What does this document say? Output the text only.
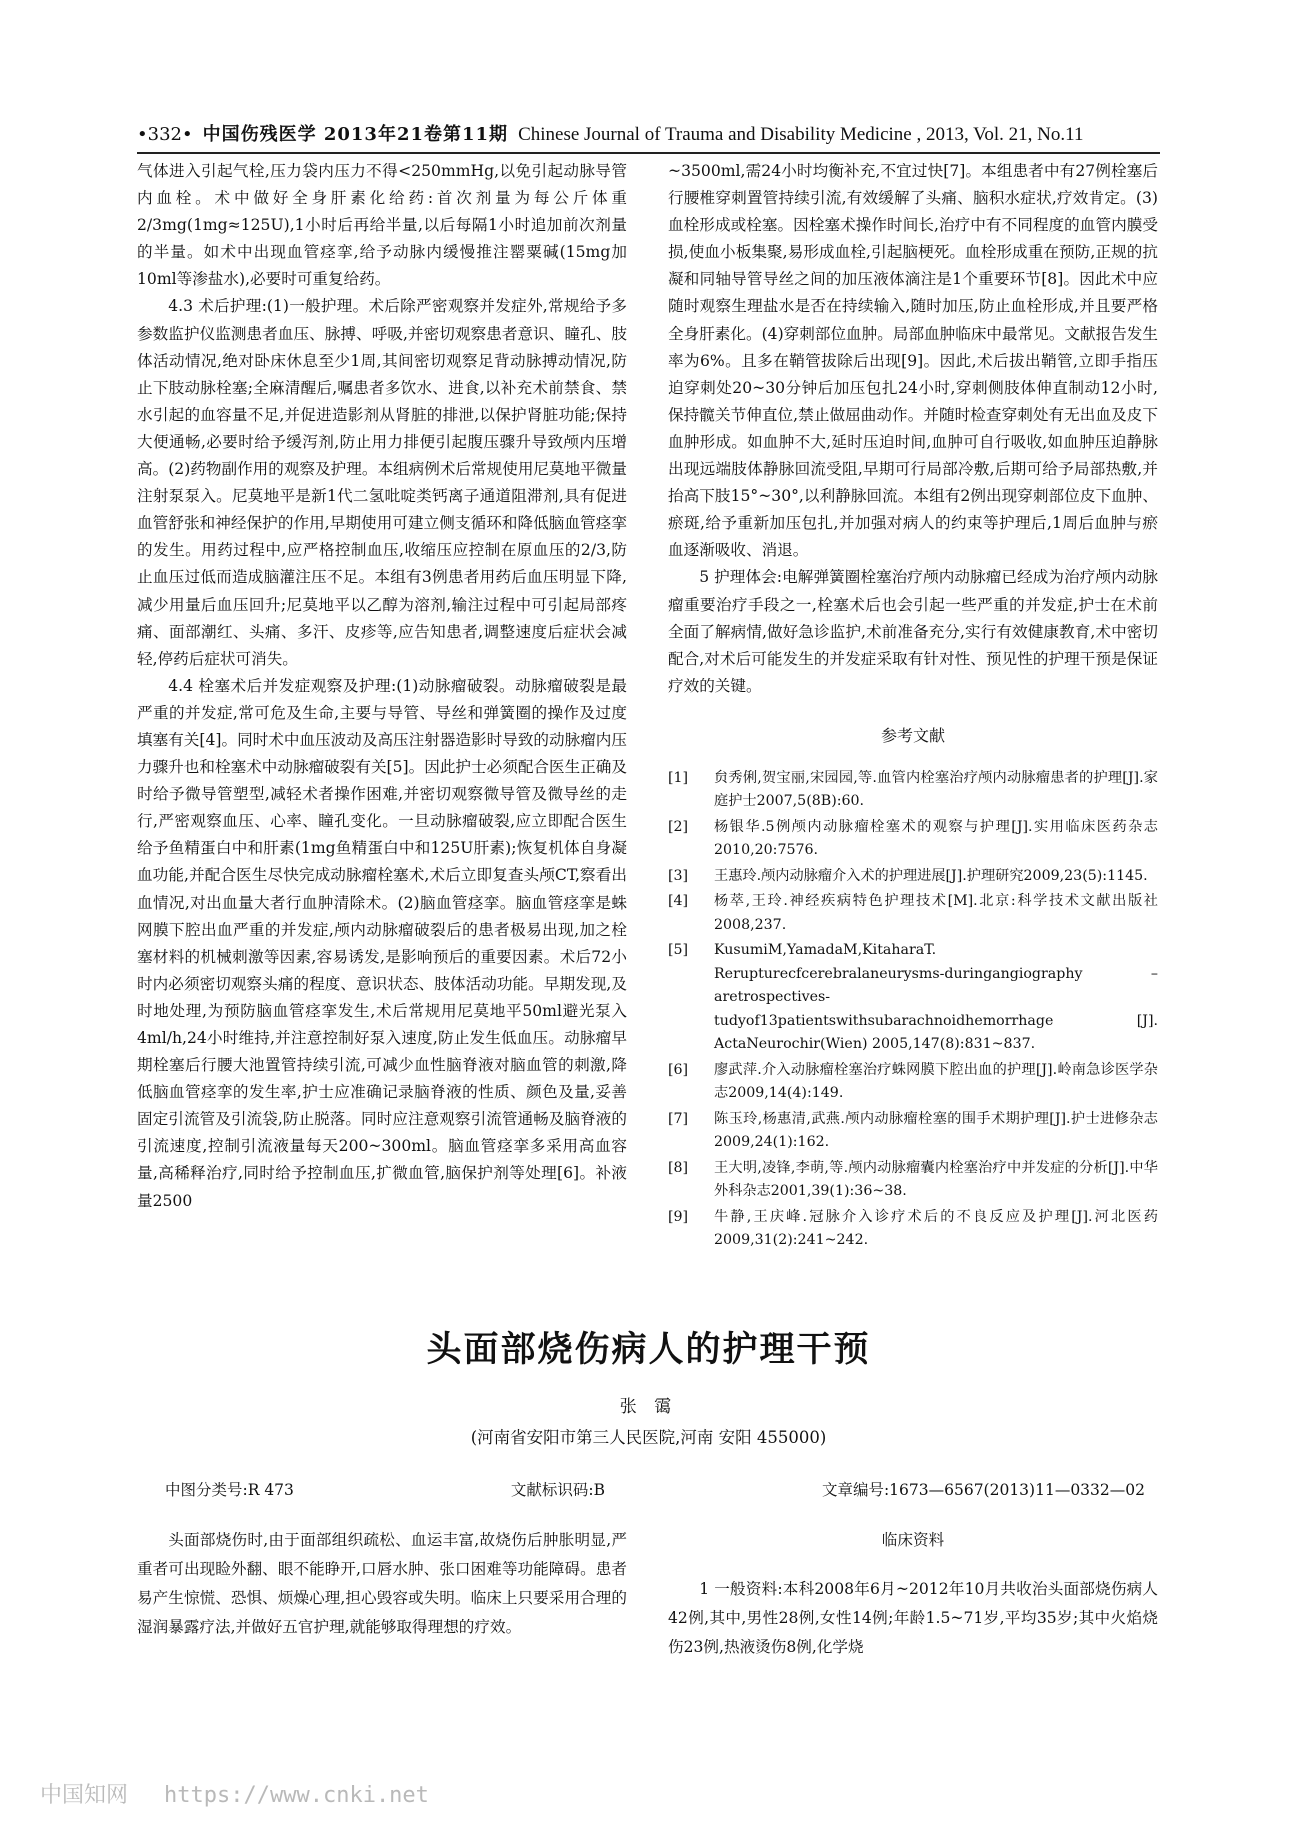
•332• 中国伤残医学 2013年21卷第11期 Chinese Journal of Trauma and Disability Medicine , 2013, Vol. 21, No.11

气体进入引起气栓,压力袋内压力不得<250mmHg,以免引起动脉导管内血栓。术中做好全身肝素化给药:首次剂量为每公斤体重2/3mg(1mg≈125U),1小时后再给半量,以后每隔1小时追加前次剂量的半量。如术中出现血管痉挛,给予动脉内缓慢推注罂粟碱(15mg加10ml等渗盐水),必要时可重复给药。

4.3 术后护理:(1)一般护理。术后除严密观察并发症外,常规给予多参数监护仪监测患者血压、脉搏、呼吸,并密切观察患者意识、瞳孔、肢体活动情况,绝对卧床休息至少1周,其间密切观察足背动脉搏动情况,防止下肢动脉栓塞;全麻清醒后,嘱患者多饮水、进食,以补充术前禁食、禁水引起的血容量不足,并促进造影剂从肾脏的排泄,以保护肾脏功能;保持大便通畅,必要时给予缓泻剂,防止用力排便引起腹压骤升导致颅内压增高。(2)药物副作用的观察及护理。本组病例术后常规使用尼莫地平微量注射泵泵入。尼莫地平是新1代二氢吡啶类钙离子通道阻滞剂,具有促进血管舒张和神经保护的作用,早期使用可建立侧支循环和降低脑血管痉挛的发生。用药过程中,应严格控制血压,收缩压应控制在原血压的2/3,防止血压过低而造成脑灌注压不足。本组有3例患者用药后血压明显下降,减少用量后血压回升;尼莫地平以乙醇为溶剂,输注过程中可引起局部疼痛、面部潮红、头痛、多汗、皮疹等,应告知患者,调整速度后症状会减轻,停药后症状可消失。

4.4 栓塞术后并发症观察及护理:(1)动脉瘤破裂。动脉瘤破裂是最严重的并发症,常可危及生命,主要与导管、导丝和弹簧圈的操作及过度填塞有关[4]。同时术中血压波动及高压注射器造影时导致的动脉瘤内压力骤升也和栓塞术中动脉瘤破裂有关[5]。因此护士必须配合医生正确及时给予微导管塑型,减轻术者操作困难,并密切观察微导管及微导丝的走行,严密观察血压、心率、瞳孔变化。一旦动脉瘤破裂,应立即配合医生给予鱼精蛋白中和肝素(1mg鱼精蛋白中和125U肝素);恢复机体自身凝血功能,并配合医生尽快完成动脉瘤栓塞术,术后立即复查头颅CT,察看出血情况,对出血量大者行血肿清除术。(2)脑血管痉挛。脑血管痉挛是蛛网膜下腔出血严重的并发症,颅内动脉瘤破裂后的患者极易出现,加之栓塞材料的机械刺激等因素,容易诱发,是影响预后的重要因素。术后72小时内必须密切观察头痛的程度、意识状态、肢体活动功能。早期发现,及时地处理,为预防脑血管痉挛发生,术后常规用尼莫地平50ml避光泵入4ml/h,24小时维持,并注意控制好泵入速度,防止发生低血压。动脉瘤早期栓塞后行腰大池置管持续引流,可减少血性脑脊液对脑血管的刺激,降低脑血管痉挛的发生率,护士应准确记录脑脊液的性质、颜色及量,妥善固定引流管及引流袋,防止脱落。同时应注意观察引流管通畅及脑脊液的引流速度,控制引流液量每天200~300ml。脑血管痉挛多采用高血容量,高稀释治疗,同时给予控制血压,扩微血管,脑保护剂等处理[6]。补液量2500

~3500ml,需24小时均衡补充,不宜过快[7]。本组患者中有27例栓塞后行腰椎穿刺置管持续引流,有效缓解了头痛、脑积水症状,疗效肯定。(3)血栓形成或栓塞。因栓塞术操作时间长,治疗中有不同程度的血管内膜受损,使血小板集聚,易形成血栓,引起脑梗死。血栓形成重在预防,正规的抗凝和同轴导管导丝之间的加压液体滴注是1个重要环节[8]。因此术中应随时观察生理盐水是否在持续输入,随时加压,防止血栓形成,并且要严格全身肝素化。(4)穿刺部位血肿。局部血肿临床中最常见。文献报告发生率为6%。且多在鞘管拔除后出现[9]。因此,术后拔出鞘管,立即手指压迫穿刺处20~30分钟后加压包扎24小时,穿刺侧肢体伸直制动12小时,保持髋关节伸直位,禁止做屈曲动作。并随时检查穿刺处有无出血及皮下血肿形成。如血肿不大,延时压迫时间,血肿可自行吸收,如血肿压迫静脉出现远端肢体静脉回流受阻,早期可行局部冷敷,后期可给予局部热敷,并抬高下肢15°~30°,以利静脉回流。本组有2例出现穿刺部位皮下血肿、瘀斑,给予重新加压包扎,并加强对病人的约束等护理后,1周后血肿与瘀血逐渐吸收、消退。

5 护理体会:电解弹簧圈栓塞治疗颅内动脉瘤已经成为治疗颅内动脉瘤重要治疗手段之一,栓塞术后也会引起一些严重的并发症,护士在术前全面了解病情,做好急诊监护,术前准备充分,实行有效健康教育,术中密切配合,对术后可能发生的并发症采取有针对性、预见性的护理干预是保证疗效的关键。

参考文献
[1]	贠秀俐,贺宝丽,宋园园,等.血管内栓塞治疗颅内动脉瘤患者的护理[J].家庭护士2007,5(8B):60.
[2]	杨银华.5例颅内动脉瘤栓塞术的观察与护理[J].实用临床医药杂志2010,20:7576.
[3]	王惠玲.颅内动脉瘤介入术的护理进展[J].护理研究2009,23(5):1145.
[4]	杨萃,王玲.神经疾病特色护理技术[M].北京:科学技术文献出版社2008,237.
[5]	KusumiM,YamadaM,KitaharaT. Rerupturecfcerebralaneurysms-duringangiography – aretrospectives-tudyof13patientswithsubarachnoidhemorrhage [J]. ActaNeurochir(Wien) 2005,147(8):831~837.
[6]	廖武萍.介入动脉瘤栓塞治疗蛛网膜下腔出血的护理[J].岭南急诊医学杂志2009,14(4):149.
[7]	陈玉玲,杨惠清,武燕.颅内动脉瘤栓塞的围手术期护理[J].护士进修杂志2009,24(1):162.
[8]	王大明,凌锋,李萌,等.颅内动脉瘤囊内栓塞治疗中并发症的分析[J].中华外科杂志2001,39(1):36~38.
[9]	牛静,王庆峰.冠脉介入诊疗术后的不良反应及护理[J].河北医药2009,31(2):241~242.
头面部烧伤病人的护理干预
张 霭
(河南省安阳市第三人民医院,河南 安阳 455000)
中图分类号:R 473	文献标识码:B	文章编号:1673—6567(2013)11—0332—02

头面部烧伤时,由于面部组织疏松、血运丰富,故烧伤后肿胀明显,严重者可出现睑外翻、眼不能睁开,口唇水肿、张口困难等功能障碍。患者易产生惊慌、恐惧、烦燥心理,担心毁容或失明。临床上只要采用合理的湿润暴露疗法,并做好五官护理,就能够取得理想的疗效。

临床资料

1 一般资料:本科2008年6月~2012年10月共收治头面部烧伤病人42例,其中,男性28例,女性14例;年龄1.5~71岁,平均35岁;其中火焰烧伤23例,热液烫伤8例,化学烧

中国知网 https://www.cnki.net
